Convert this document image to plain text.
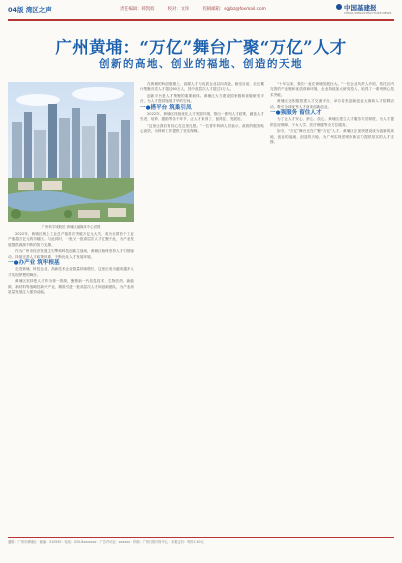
04版 湾区之声	责任编辑：韩凯姣	校对：文珍	投稿邮箱：sgjbz@foxmail.com	中国基建报
CHINA INFRASTRUCTURE NEWS
广州黄埔：“万亿”舞台广聚“万亿”人才
创新的高地、创业的福地、创造的天地
广州科学城航拍 黄埔区融媒体中心供图

2022年，黄埔区规上工业总产值首次突破万亿元大关，成为全国首个工业产值超万亿元的市辖区。与此同时，一批又一批高层次人才汇聚于此，为产业发展提供源源不断的智力支撑。

作为广州市经济发展主引擎和科技创新主战场，黄埔区始终坚持人才引领驱动，持续完善人才政策体系，不断优化人才发展环境。

一●办产业 筑牢根基

走进黄埔，科技企业、高新技术企业数量持续增长，这里正成为越来越多人才实现梦想的舞台。

黄埔区坚持把人才作为第一资源，聚焦新一代信息技术、生物医药、新能源、新材料等战略性新兴产业，精准引进一批高层次人才和创新团队，为产业高质量发展注入强劲动能。

在黄埔的科创版图上，高端人才与优质企业双向奔赴。截至目前，全区累计集聚各类人才超过60万人，其中高层次人才超过1万人。

创新平台是人才集聚的重要载体。黄埔区大力建设国家级和省级研发平台，为人才提供施展才华的空间。

一●搭平台 筑巢引凤

2022年，黄埔区持续优化人才发展环境，推出一系列人才政策，涵盖人才引进、培养、激励等各个环节，让人才来得了、留得住、发展好。

“这里让我们有信心在这里扎根。”一位青年科研人员表示，政府的服务贴心高效，为科研工作提供了坚实保障。

“十年以来，我们一直在黄埔发展壮大。”一位企业负责人介绍，依托区内完善的产业链和优质营商环境，企业持续加大研发投入，取得了一系列核心技术突破。

黄埔区还积极搭建人才交流平台，举办各类创新创业大赛和人才招聘活动，吸引全球优秀人才前来创新创业。

一●强服务 留住人才

为了让人才安心、舒心、放心，黄埔区建立人才服务专员制度，为人才提供住房保障、子女入学、医疗保健等全方位服务。

如今，“万亿”舞台正在广聚“万亿”人才，黄埔区正加快建设成为创新的高地、创业的福地、创造的天地，为广州实现老城市新活力提供坚实的人才支撑。

通联：广州市黄埔区 · 邮编：510530 · 电话：020-8xxxxxxx · 广告许可证：xxxxxx · 印刷：广州日报印务中心 · 本报定价：每份1.50元
